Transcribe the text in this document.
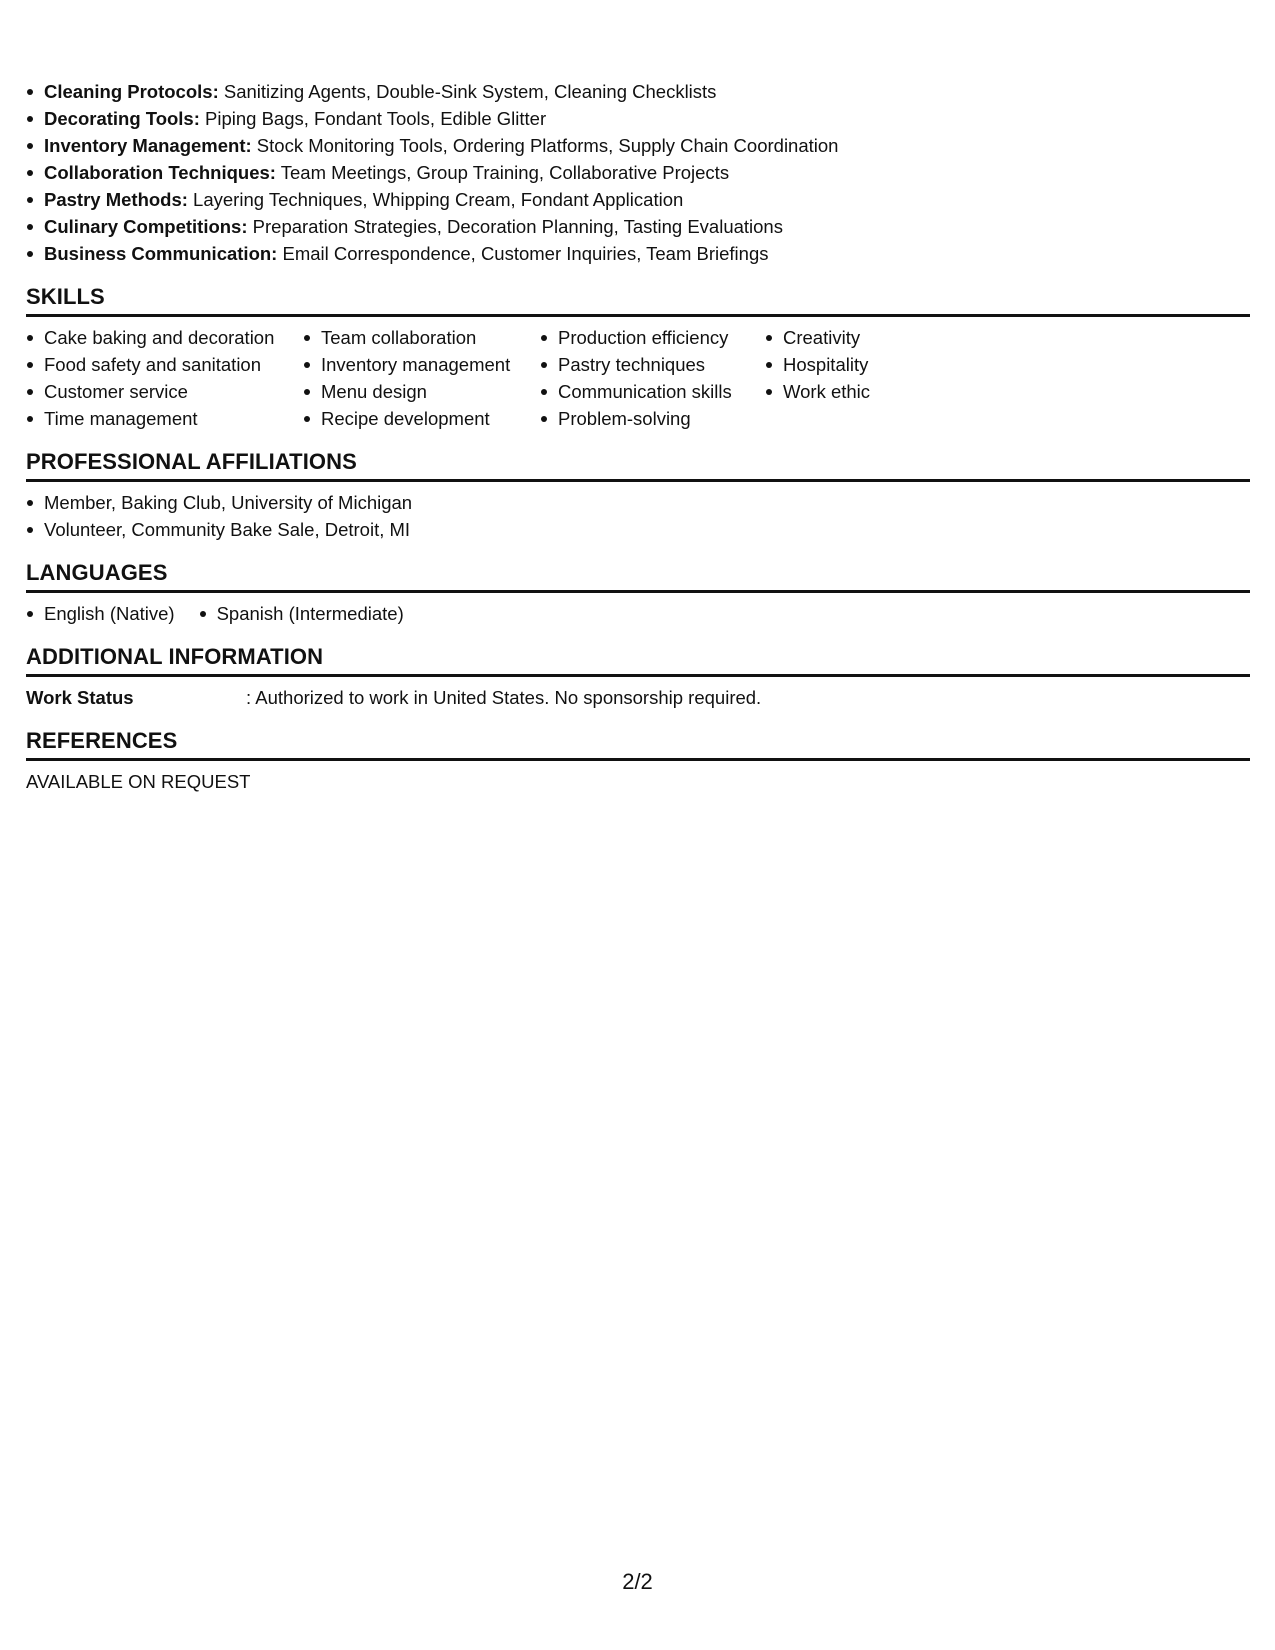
Cleaning Protocols: Sanitizing Agents, Double-Sink System, Cleaning Checklists
Decorating Tools: Piping Bags, Fondant Tools, Edible Glitter
Inventory Management: Stock Monitoring Tools, Ordering Platforms, Supply Chain Coordination
Collaboration Techniques: Team Meetings, Group Training, Collaborative Projects
Pastry Methods: Layering Techniques, Whipping Cream, Fondant Application
Culinary Competitions: Preparation Strategies, Decoration Planning, Tasting Evaluations
Business Communication: Email Correspondence, Customer Inquiries, Team Briefings
SKILLS
Cake baking and decoration
Food safety and sanitation
Customer service
Time management
Team collaboration
Inventory management
Menu design
Recipe development
Production efficiency
Pastry techniques
Communication skills
Problem-solving
Creativity
Hospitality
Work ethic
PROFESSIONAL AFFILIATIONS
Member, Baking Club, University of Michigan
Volunteer, Community Bake Sale, Detroit, MI
LANGUAGES
English (Native)	Spanish (Intermediate)
ADDITIONAL INFORMATION
Work Status	: Authorized to work in United States. No sponsorship required.
REFERENCES
AVAILABLE ON REQUEST
2/2
